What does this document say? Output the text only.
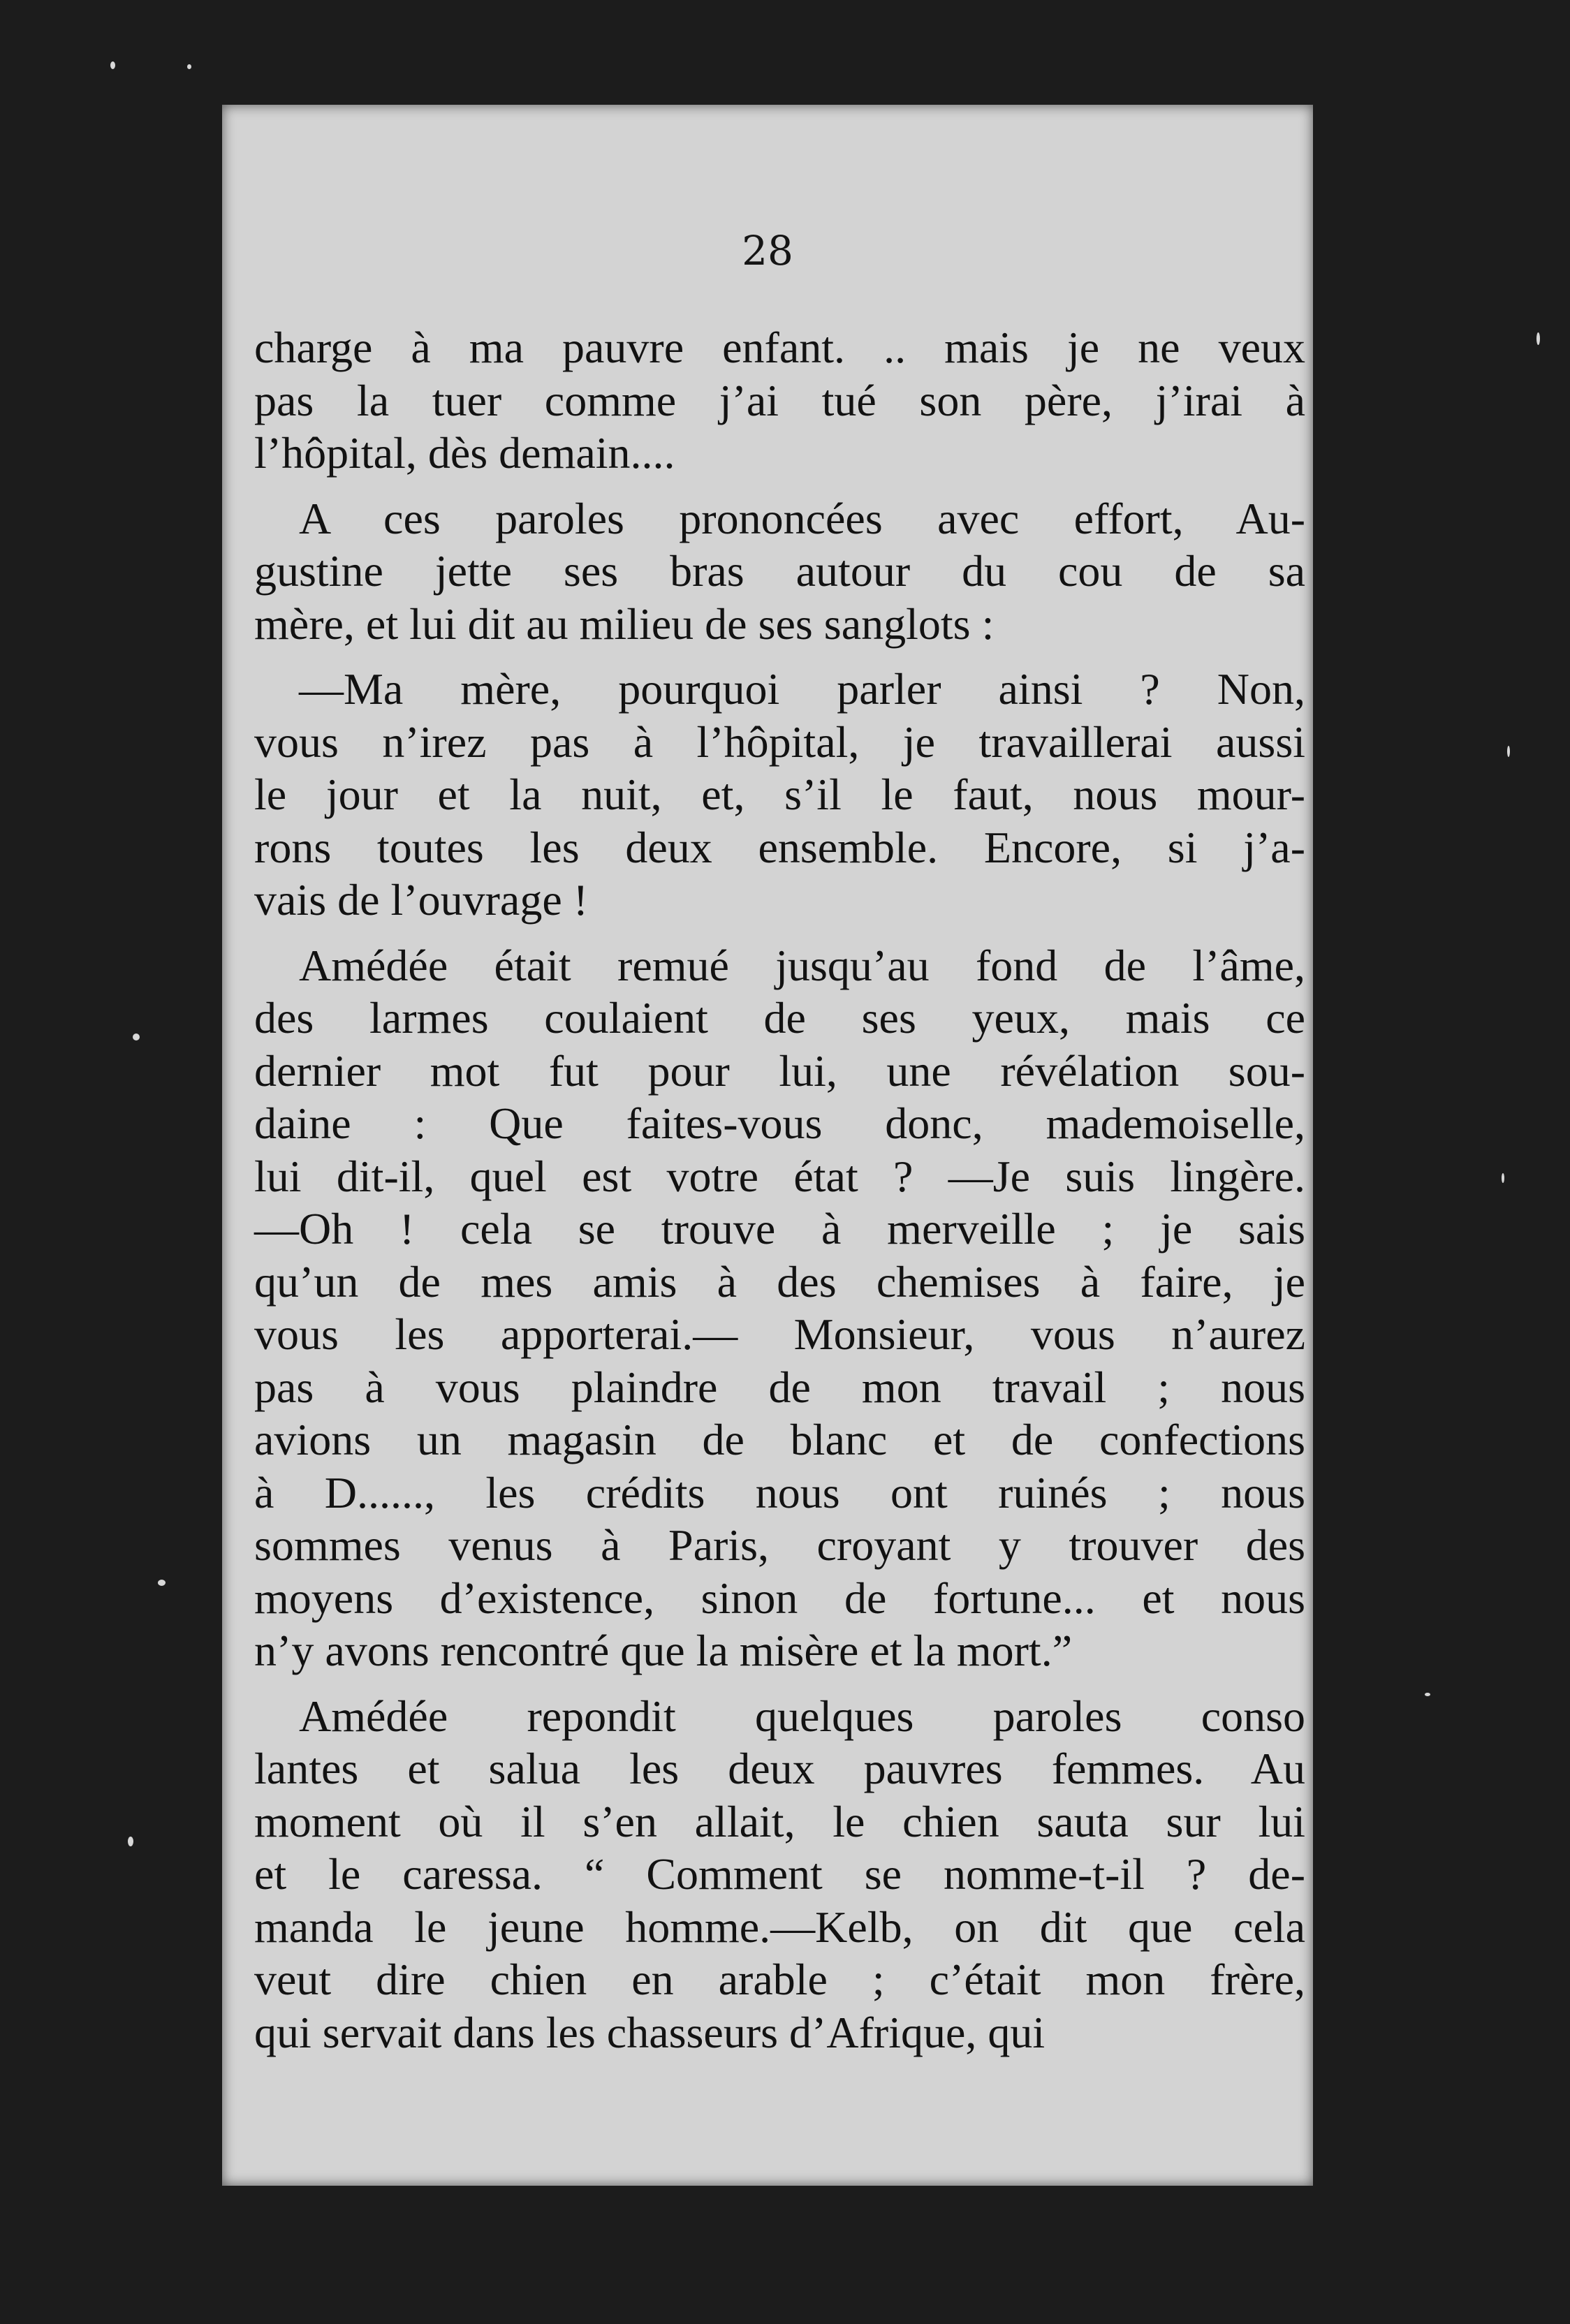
28

charge à ma pauvre enfant. .. mais je ne veux
pas la tuer comme j’ai tué son père, j’irai à
l’hôpital, dès demain....
A ces paroles prononcées avec effort, Au-
gustine jette ses bras autour du cou de sa
mère, et lui dit au milieu de ses sanglots :
—Ma mère, pourquoi parler ainsi ? Non,
vous n’irez pas à l’hôpital, je travaillerai aussi
le jour et la nuit, et, s’il le faut, nous mour-
rons toutes les deux ensemble. Encore, si j’a-
vais de l’ouvrage !
Amédée était remué jusqu’au fond de l’âme,
des larmes coulaient de ses yeux, mais ce
dernier mot fut pour lui, une révélation sou-
daine : Que faites-vous donc, mademoiselle,
lui dit-il, quel est votre état ? —Je suis lingère.
—Oh ! cela se trouve à merveille ; je sais
qu’un de mes amis à des chemises à faire, je
vous les apporterai.— Monsieur, vous n’aurez
pas à vous plaindre de mon travail ; nous
avions un magasin de blanc et de confections
à D......, les crédits nous ont ruinés ; nous
sommes venus à Paris, croyant y trouver des
moyens d’existence, sinon de fortune... et nous
n’y avons rencontré que la misère et la mort.”
Amédée repondit quelques paroles conso
lantes et salua les deux pauvres femmes. Au
moment où il s’en allait, le chien sauta sur lui
et le caressa. “ Comment se nomme-t-il ? de-
manda le jeune homme.—Kelb, on dit que cela
veut dire chien en arable ; c’était mon frère,
qui servait dans les chasseurs d’Afrique, qui
